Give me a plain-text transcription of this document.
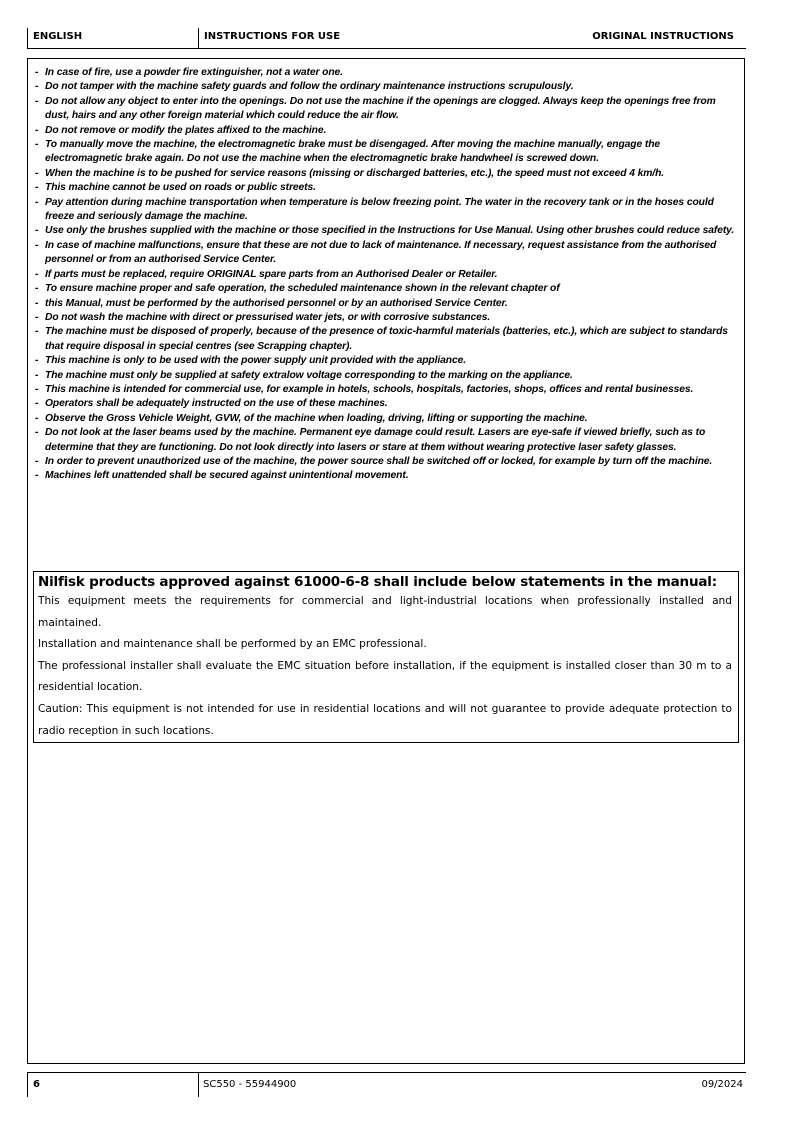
ENGLISH	INSTRUCTIONS FOR USE	ORIGINAL INSTRUCTIONS
- In case of fire, use a powder fire extinguisher, not a water one.
- Do not tamper with the machine safety guards and follow the ordinary maintenance instructions scrupulously.
- Do not allow any object to enter into the openings. Do not use the machine if the openings are clogged. Always keep the openings free from dust, hairs and any other foreign material which could reduce the air flow.
- Do not remove or modify the plates affixed to the machine.
- To manually move the machine, the electromagnetic brake must be disengaged. After moving the machine manually, engage the electromagnetic brake again. Do not use the machine when the electromagnetic brake handwheel is screwed down.
- When the machine is to be pushed for service reasons (missing or discharged batteries, etc.), the speed must not exceed 4 km/h.
- This machine cannot be used on roads or public streets.
- Pay attention during machine transportation when temperature is below freezing point. The water in the recovery tank or in the hoses could freeze and seriously damage the machine.
- Use only the brushes supplied with the machine or those specified in the Instructions for Use Manual. Using other brushes could reduce safety.
- In case of machine malfunctions, ensure that these are not due to lack of maintenance. If necessary, request assistance from the authorised personnel or from an authorised Service Center.
- If parts must be replaced, require ORIGINAL spare parts from an Authorised Dealer or Retailer.
- To ensure machine proper and safe operation, the scheduled maintenance shown in the relevant chapter of
- this Manual, must be performed by the authorised personnel or by an authorised Service Center.
- Do not wash the machine with direct or pressurised water jets, or with corrosive substances.
- The machine must be disposed of properly, because of the presence of toxic-harmful materials (batteries, etc.), which are subject to standards that require disposal in special centres (see Scrapping chapter).
- This machine is only to be used with the power supply unit provided with the appliance.
- The machine must only be supplied at safety extralow voltage corresponding to the marking on the appliance.
- This machine is intended for commercial use, for example in hotels, schools, hospitals, factories, shops, offices and rental businesses.
- Operators shall be adequately instructed on the use of these machines.
- Observe the Gross Vehicle Weight, GVW, of the machine when loading, driving, lifting or supporting the machine.
- Do not look at the laser beams used by the machine. Permanent eye damage could result. Lasers are eye-safe if viewed briefly, such as to determine that they are functioning. Do not look directly into lasers or stare at them without wearing protective laser safety glasses.
- In order to prevent unauthorized use of the machine, the power source shall be switched off or locked, for example by turn off the machine.
- Machines left unattended shall be secured against unintentional movement.
Nilfisk products approved against 61000-6-8 shall include below statements in the manual:

This equipment meets the requirements for commercial and light-industrial locations when professionally installed and maintained.

Installation and maintenance shall be performed by an EMC professional.

The professional installer shall evaluate the EMC situation before installation, if the equipment is installed closer than 30 m to a residential location.

Caution: This equipment is not intended for use in residential locations and will not guarantee to provide adequate protection to radio reception in such locations.

6	SC550 - 55944900	09/2024
